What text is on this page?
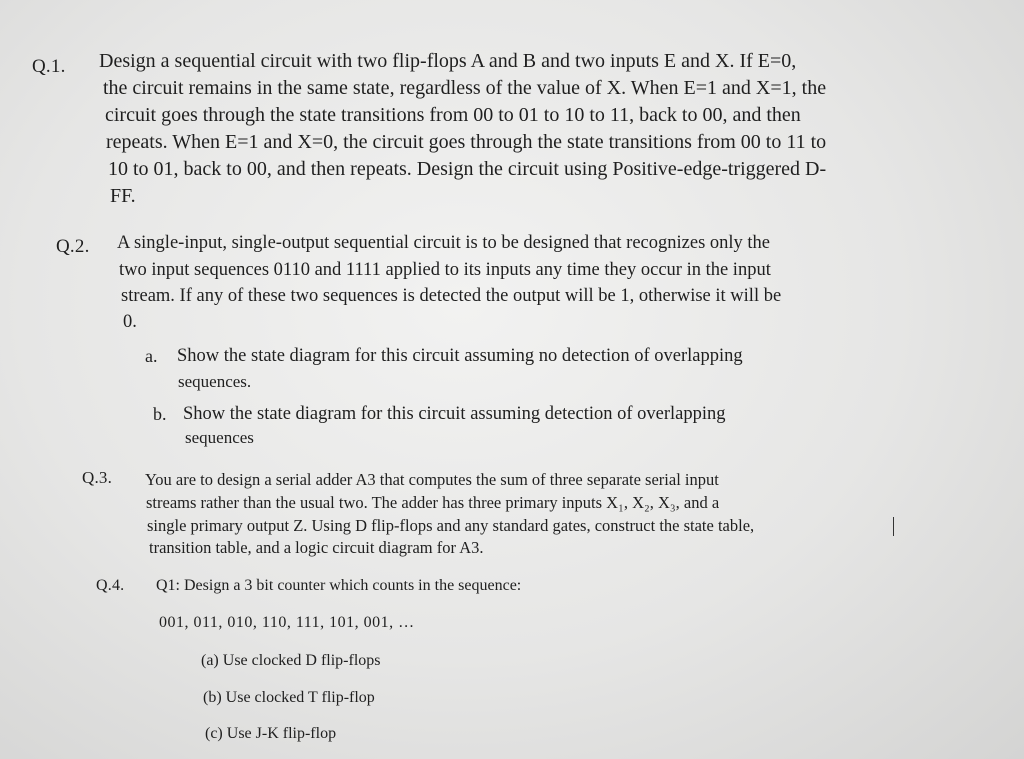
Q.1. Design a sequential circuit with two flip-flops A and B and two inputs E and X. If E=0,
the circuit remains in the same state, regardless of the value of X. When E=1 and X=1, the
circuit goes through the state transitions from 00 to 01 to 10 to 11, back to 00, and then
repeats. When E=1 and X=0, the circuit goes through the state transitions from 00 to 11 to
10 to 01, back to 00, and then repeats. Design the circuit using Positive-edge-triggered D-
FF.
Q.2. A single-input, single-output sequential circuit is to be designed that recognizes only the
two input sequences 0110 and 1111 applied to its inputs any time they occur in the input
stream. If any of these two sequences is detected the output will be 1, otherwise it will be
0.
a. Show the state diagram for this circuit assuming no detection of overlapping
sequences.
b. Show the state diagram for this circuit assuming detection of overlapping
sequences
Q.3. You are to design a serial adder A3 that computes the sum of three separate serial input
streams rather than the usual two. The adder has three primary inputs X₁, X₂, X₃, and a
single primary output Z. Using D flip-flops and any standard gates, construct the state table,
transition table, and a logic circuit diagram for A3.
Q.4. Q1: Design a 3 bit counter which counts in the sequence:
001, 011, 010, 110, 111, 101, 001, …
(a) Use clocked D flip-flops
(b) Use clocked T flip-flop
(c) Use J-K flip-flop
